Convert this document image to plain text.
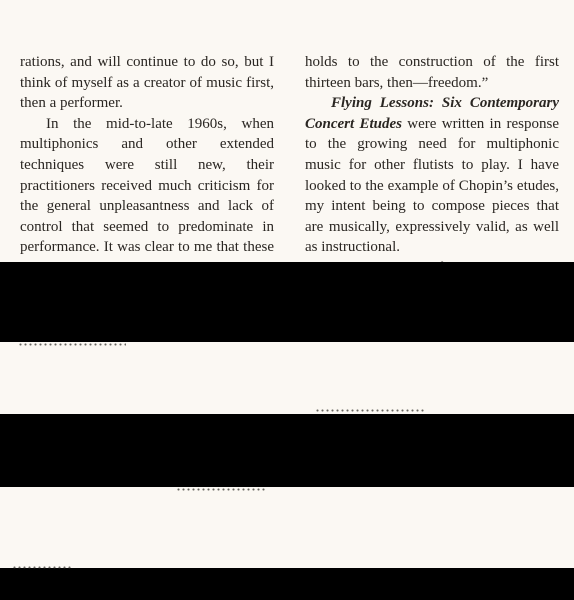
rations, and will continue to do so, but I think of myself as a creator of music first, then a performer.

In the mid-to-late 1960s, when multiphonics and other extended techniques were still new, their practitioners received much criticism for the general unpleasantness and lack of control that seemed to predominate in performance. It was clear to me that these

holds to the construction of the first thirteen bars, then—freedom.”

Flying Lessons: Six Contemporary Concert Etudes were written in response to the growing need for multiphonic music for other flutists to play. I have looked to the example of Chopin’s etudes, my intent being to compose pieces that are musically, expressively valid, as well as instructional.
